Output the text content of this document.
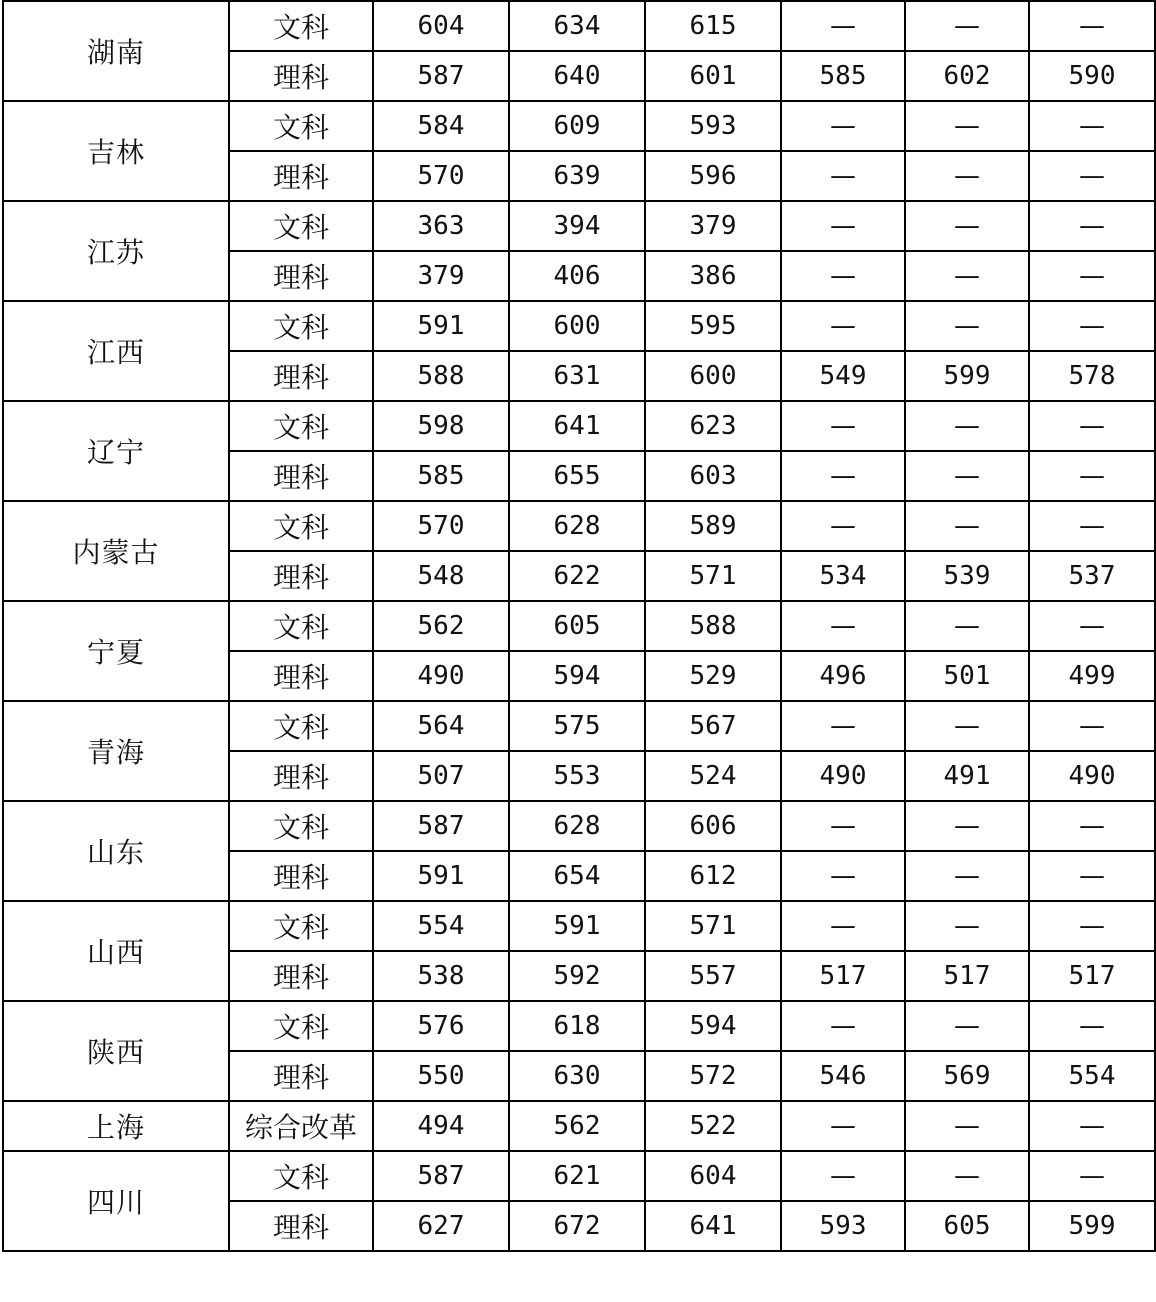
湖南	文科	604	634	615	—	—	—
	理科	587	640	601	585	602	590
吉林	文科	584	609	593	—	—	—
	理科	570	639	596	—	—	—
江苏	文科	363	394	379	—	—	—
	理科	379	406	386	—	—	—
江西	文科	591	600	595	—	—	—
	理科	588	631	600	549	599	578
辽宁	文科	598	641	623	—	—	—
	理科	585	655	603	—	—	—
内蒙古	文科	570	628	589	—	—	—
	理科	548	622	571	534	539	537
宁夏	文科	562	605	588	—	—	—
	理科	490	594	529	496	501	499
青海	文科	564	575	567	—	—	—
	理科	507	553	524	490	491	490
山东	文科	587	628	606	—	—	—
	理科	591	654	612	—	—	—
山西	文科	554	591	571	—	—	—
	理科	538	592	557	517	517	517
陕西	文科	576	618	594	—	—	—
	理科	550	630	572	546	569	554
上海	综合改革	494	562	522	—	—	—
四川	文科	587	621	604	—	—	—
	理科	627	672	641	593	605	599
